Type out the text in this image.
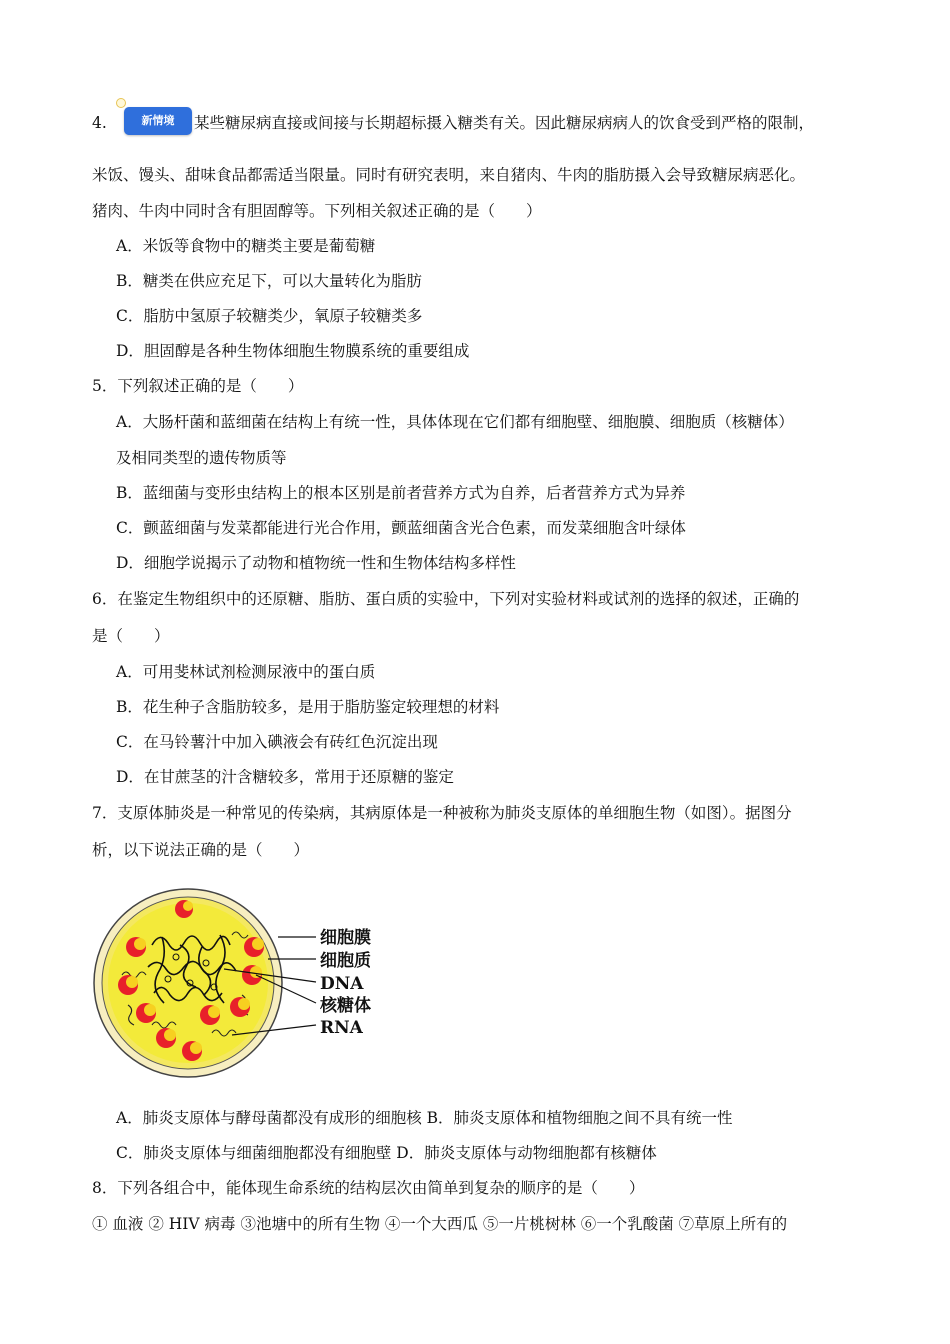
4.	新情境	某些糖尿病直接或间接与长期超标摄入糖类有关。因此糖尿病病人的饮食受到严格的限制，
米饭、馒头、甜味食品都需适当限量。同时有研究表明，来自猪肉、牛肉的脂肪摄入会导致糖尿病恶化。
猪肉、牛肉中同时含有胆固醇等。下列相关叙述正确的是（　　）
A．米饭等食物中的糖类主要是葡萄糖
B．糖类在供应充足下，可以大量转化为脂肪
C．脂肪中氢原子较糖类少，氧原子较糖类多
D．胆固醇是各种生物体细胞生物膜系统的重要组成
5．下列叙述正确的是（　　）
A．大肠杆菌和蓝细菌在结构上有统一性，具体体现在它们都有细胞壁、细胞膜、细胞质（核糖体）
及相同类型的遗传物质等
B．蓝细菌与变形虫结构上的根本区别是前者营养方式为自养，后者营养方式为异养
C．颤蓝细菌与发菜都能进行光合作用，颤蓝细菌含光合色素，而发菜细胞含叶绿体
D．细胞学说揭示了动物和植物统一性和生物体结构多样性
6．在鉴定生物组织中的还原糖、脂肪、蛋白质的实验中，下列对实验材料或试剂的选择的叙述，正确的
是（　　）
A．可用斐林试剂检测尿液中的蛋白质
B．花生种子含脂肪较多，是用于脂肪鉴定较理想的材料
C．在马铃薯汁中加入碘液会有砖红色沉淀出现
D．在甘蔗茎的汁含糖较多，常用于还原糖的鉴定
7．支原体肺炎是一种常见的传染病，其病原体是一种被称为肺炎支原体的单细胞生物（如图）。据图分
析，以下说法正确的是（　　）
细胞膜
细胞质
DNA
核糖体
RNA
A．肺炎支原体与酵母菌都没有成形的细胞核 B．肺炎支原体和植物细胞之间不具有统一性
C．肺炎支原体与细菌细胞都没有细胞壁 D．肺炎支原体与动物细胞都有核糖体
8．下列各组合中，能体现生命系统的结构层次由简单到复杂的顺序的是（　　）
① 血液 ② HIV 病毒 ③池塘中的所有生物 ④一个大西瓜 ⑤一片桃树林 ⑥一个乳酸菌 ⑦草原上所有的
